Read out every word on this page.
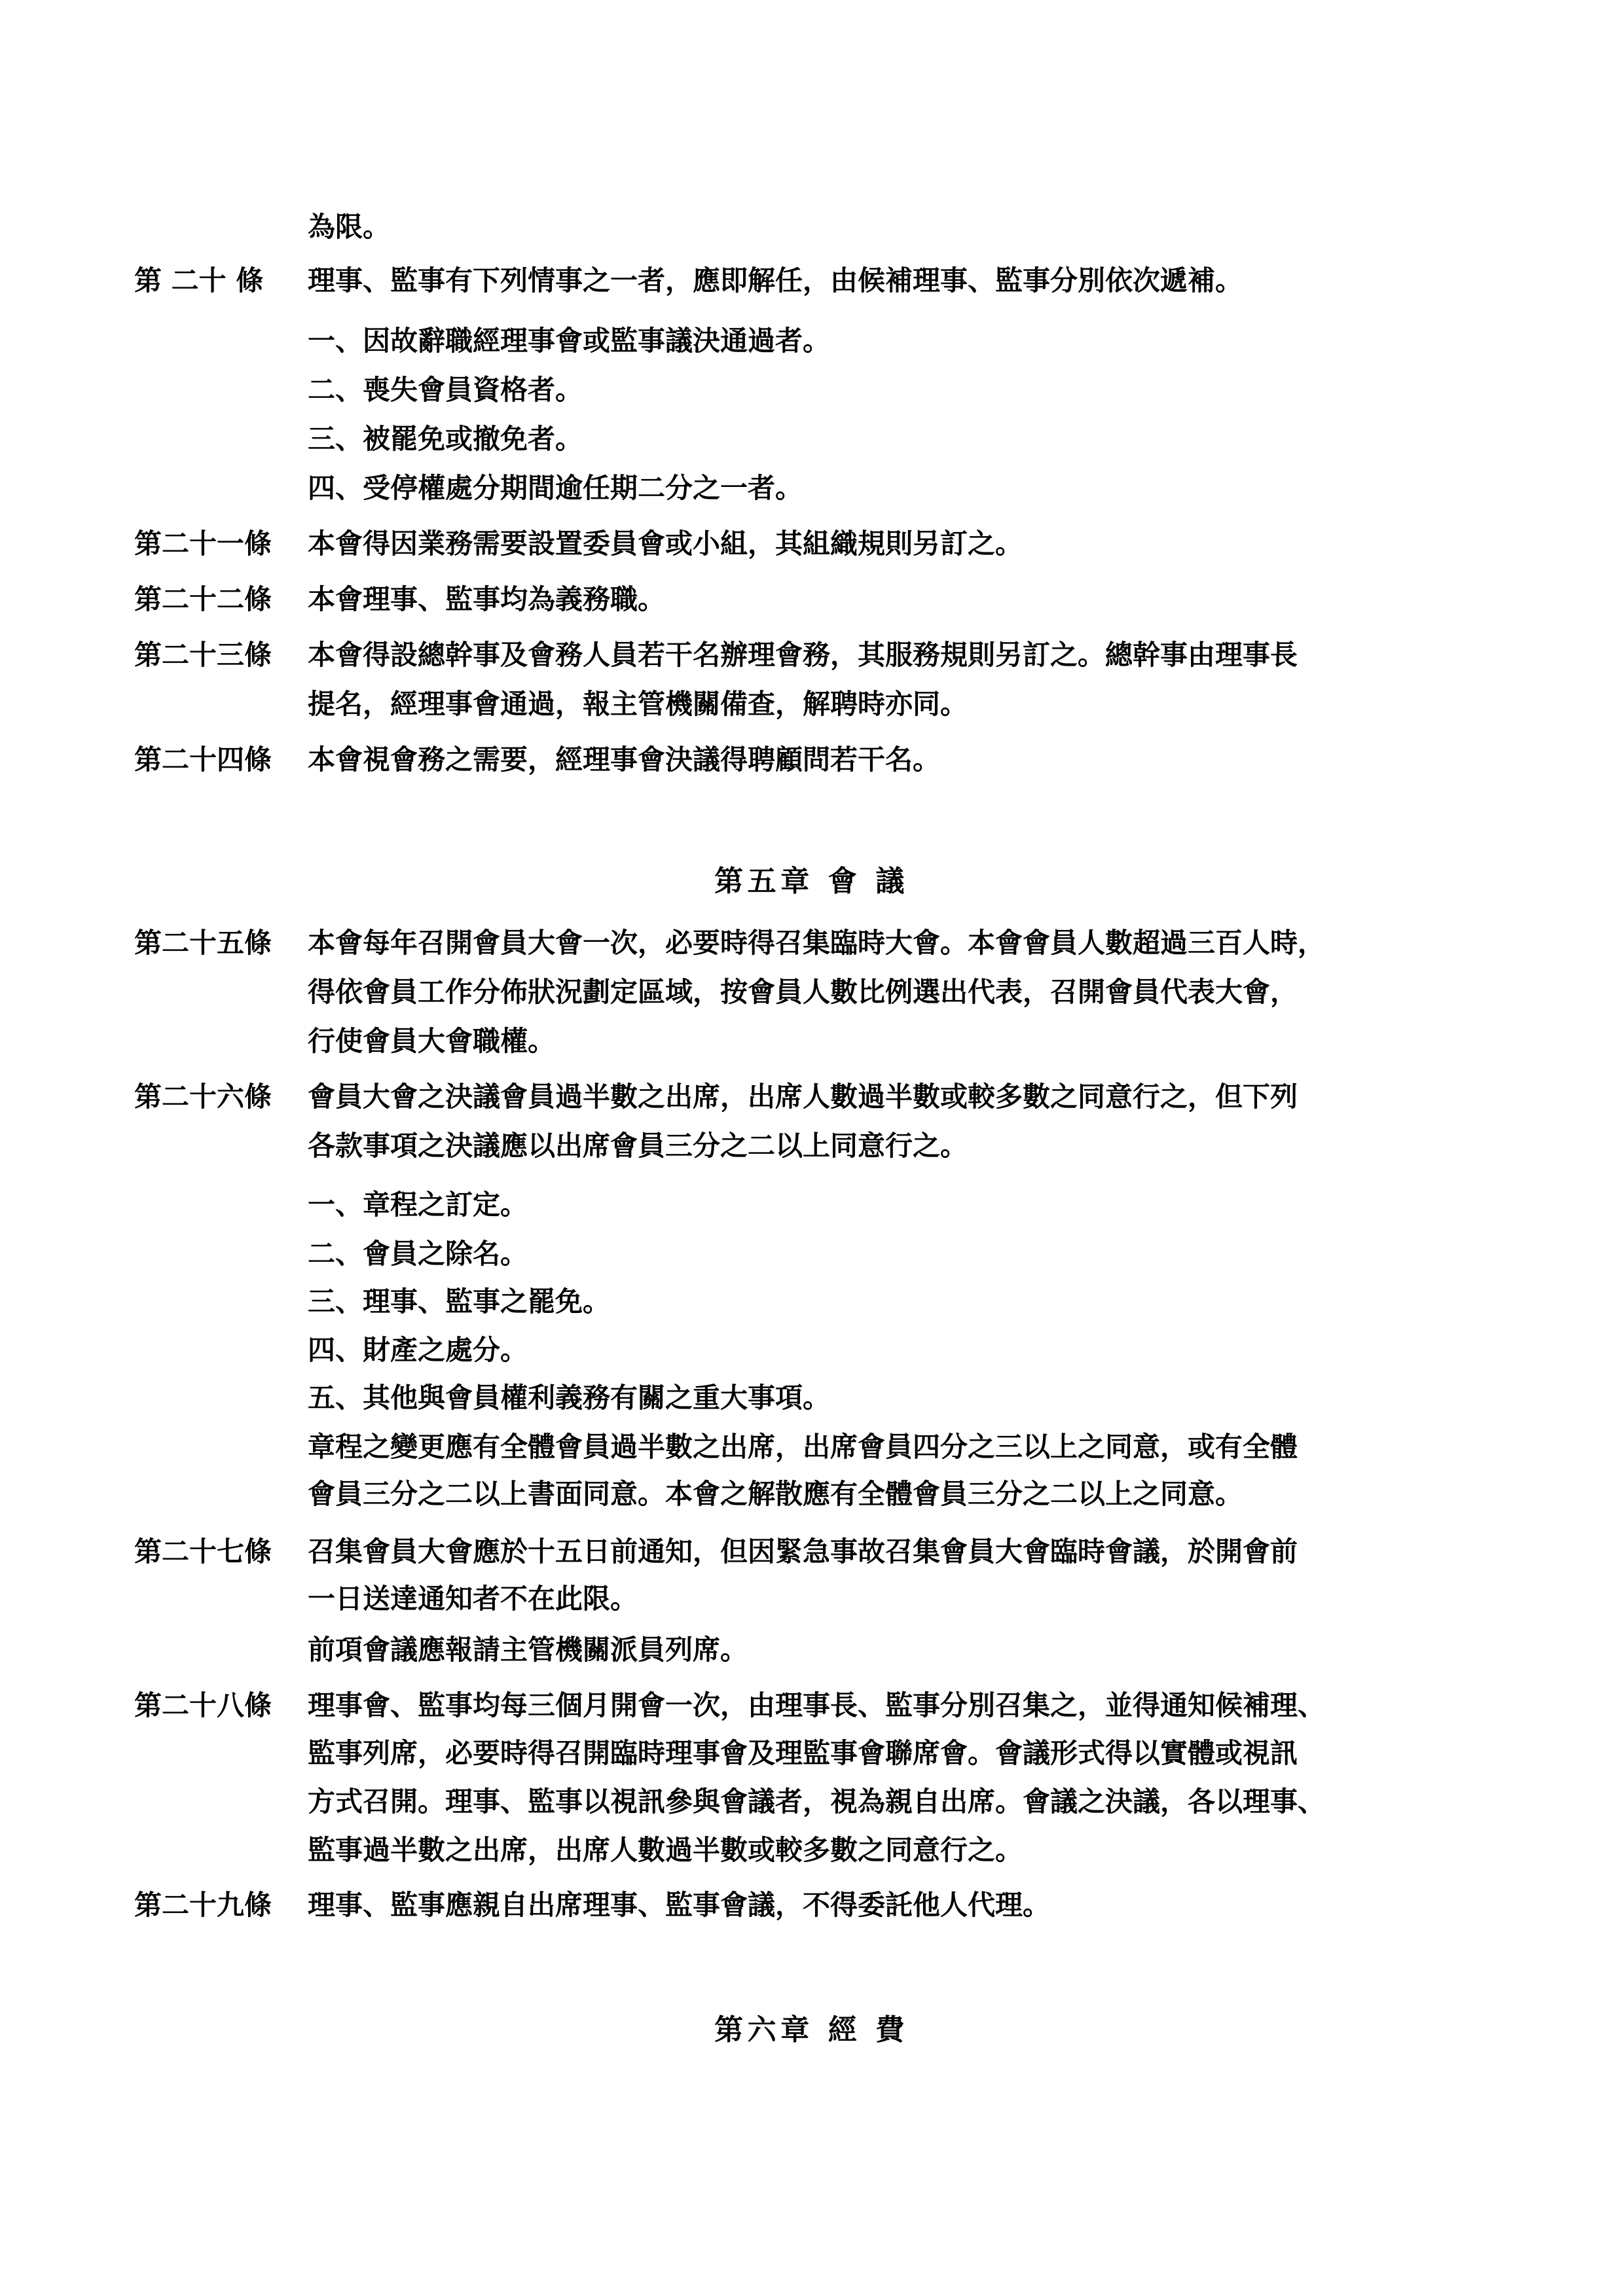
為限。
第 二十 條 理事、監事有下列情事之一者，應即解任，由候補理事、監事分別依次遞補。
一、因故辭職經理事會或監事議決通過者。
二、喪失會員資格者。
三、被罷免或撤免者。
四、受停權處分期間逾任期二分之一者。
第二十一條 本會得因業務需要設置委員會或小組，其組織規則另訂之。
第二十二條 本會理事、監事均為義務職。
第二十三條 本會得設總幹事及會務人員若干名辦理會務，其服務規則另訂之。總幹事由理事長
提名，經理事會通過，報主管機關備查，解聘時亦同。
第二十四條 本會視會務之需要，經理事會決議得聘顧問若干名。
第五章 會 議
第二十五條 本會每年召開會員大會一次，必要時得召集臨時大會。本會會員人數超過三百人時，
得依會員工作分佈狀況劃定區域，按會員人數比例選出代表，召開會員代表大會，
行使會員大會職權。
第二十六條 會員大會之決議會員過半數之出席，出席人數過半數或較多數之同意行之，但下列
各款事項之決議應以出席會員三分之二以上同意行之。
一、章程之訂定。
二、會員之除名。
三、理事、監事之罷免。
四、財產之處分。
五、其他與會員權利義務有關之重大事項。
章程之變更應有全體會員過半數之出席，出席會員四分之三以上之同意，或有全體
會員三分之二以上書面同意。本會之解散應有全體會員三分之二以上之同意。
第二十七條 召集會員大會應於十五日前通知，但因緊急事故召集會員大會臨時會議，於開會前
一日送達通知者不在此限。
前項會議應報請主管機關派員列席。
第二十八條 理事會、監事均每三個月開會一次，由理事長、監事分別召集之，並得通知候補理、
監事列席，必要時得召開臨時理事會及理監事會聯席會。會議形式得以實體或視訊
方式召開。理事、監事以視訊參與會議者，視為親自出席。會議之決議，各以理事、
監事過半數之出席，出席人數過半數或較多數之同意行之。
第二十九條 理事、監事應親自出席理事、監事會議，不得委託他人代理。
第六章 經 費
